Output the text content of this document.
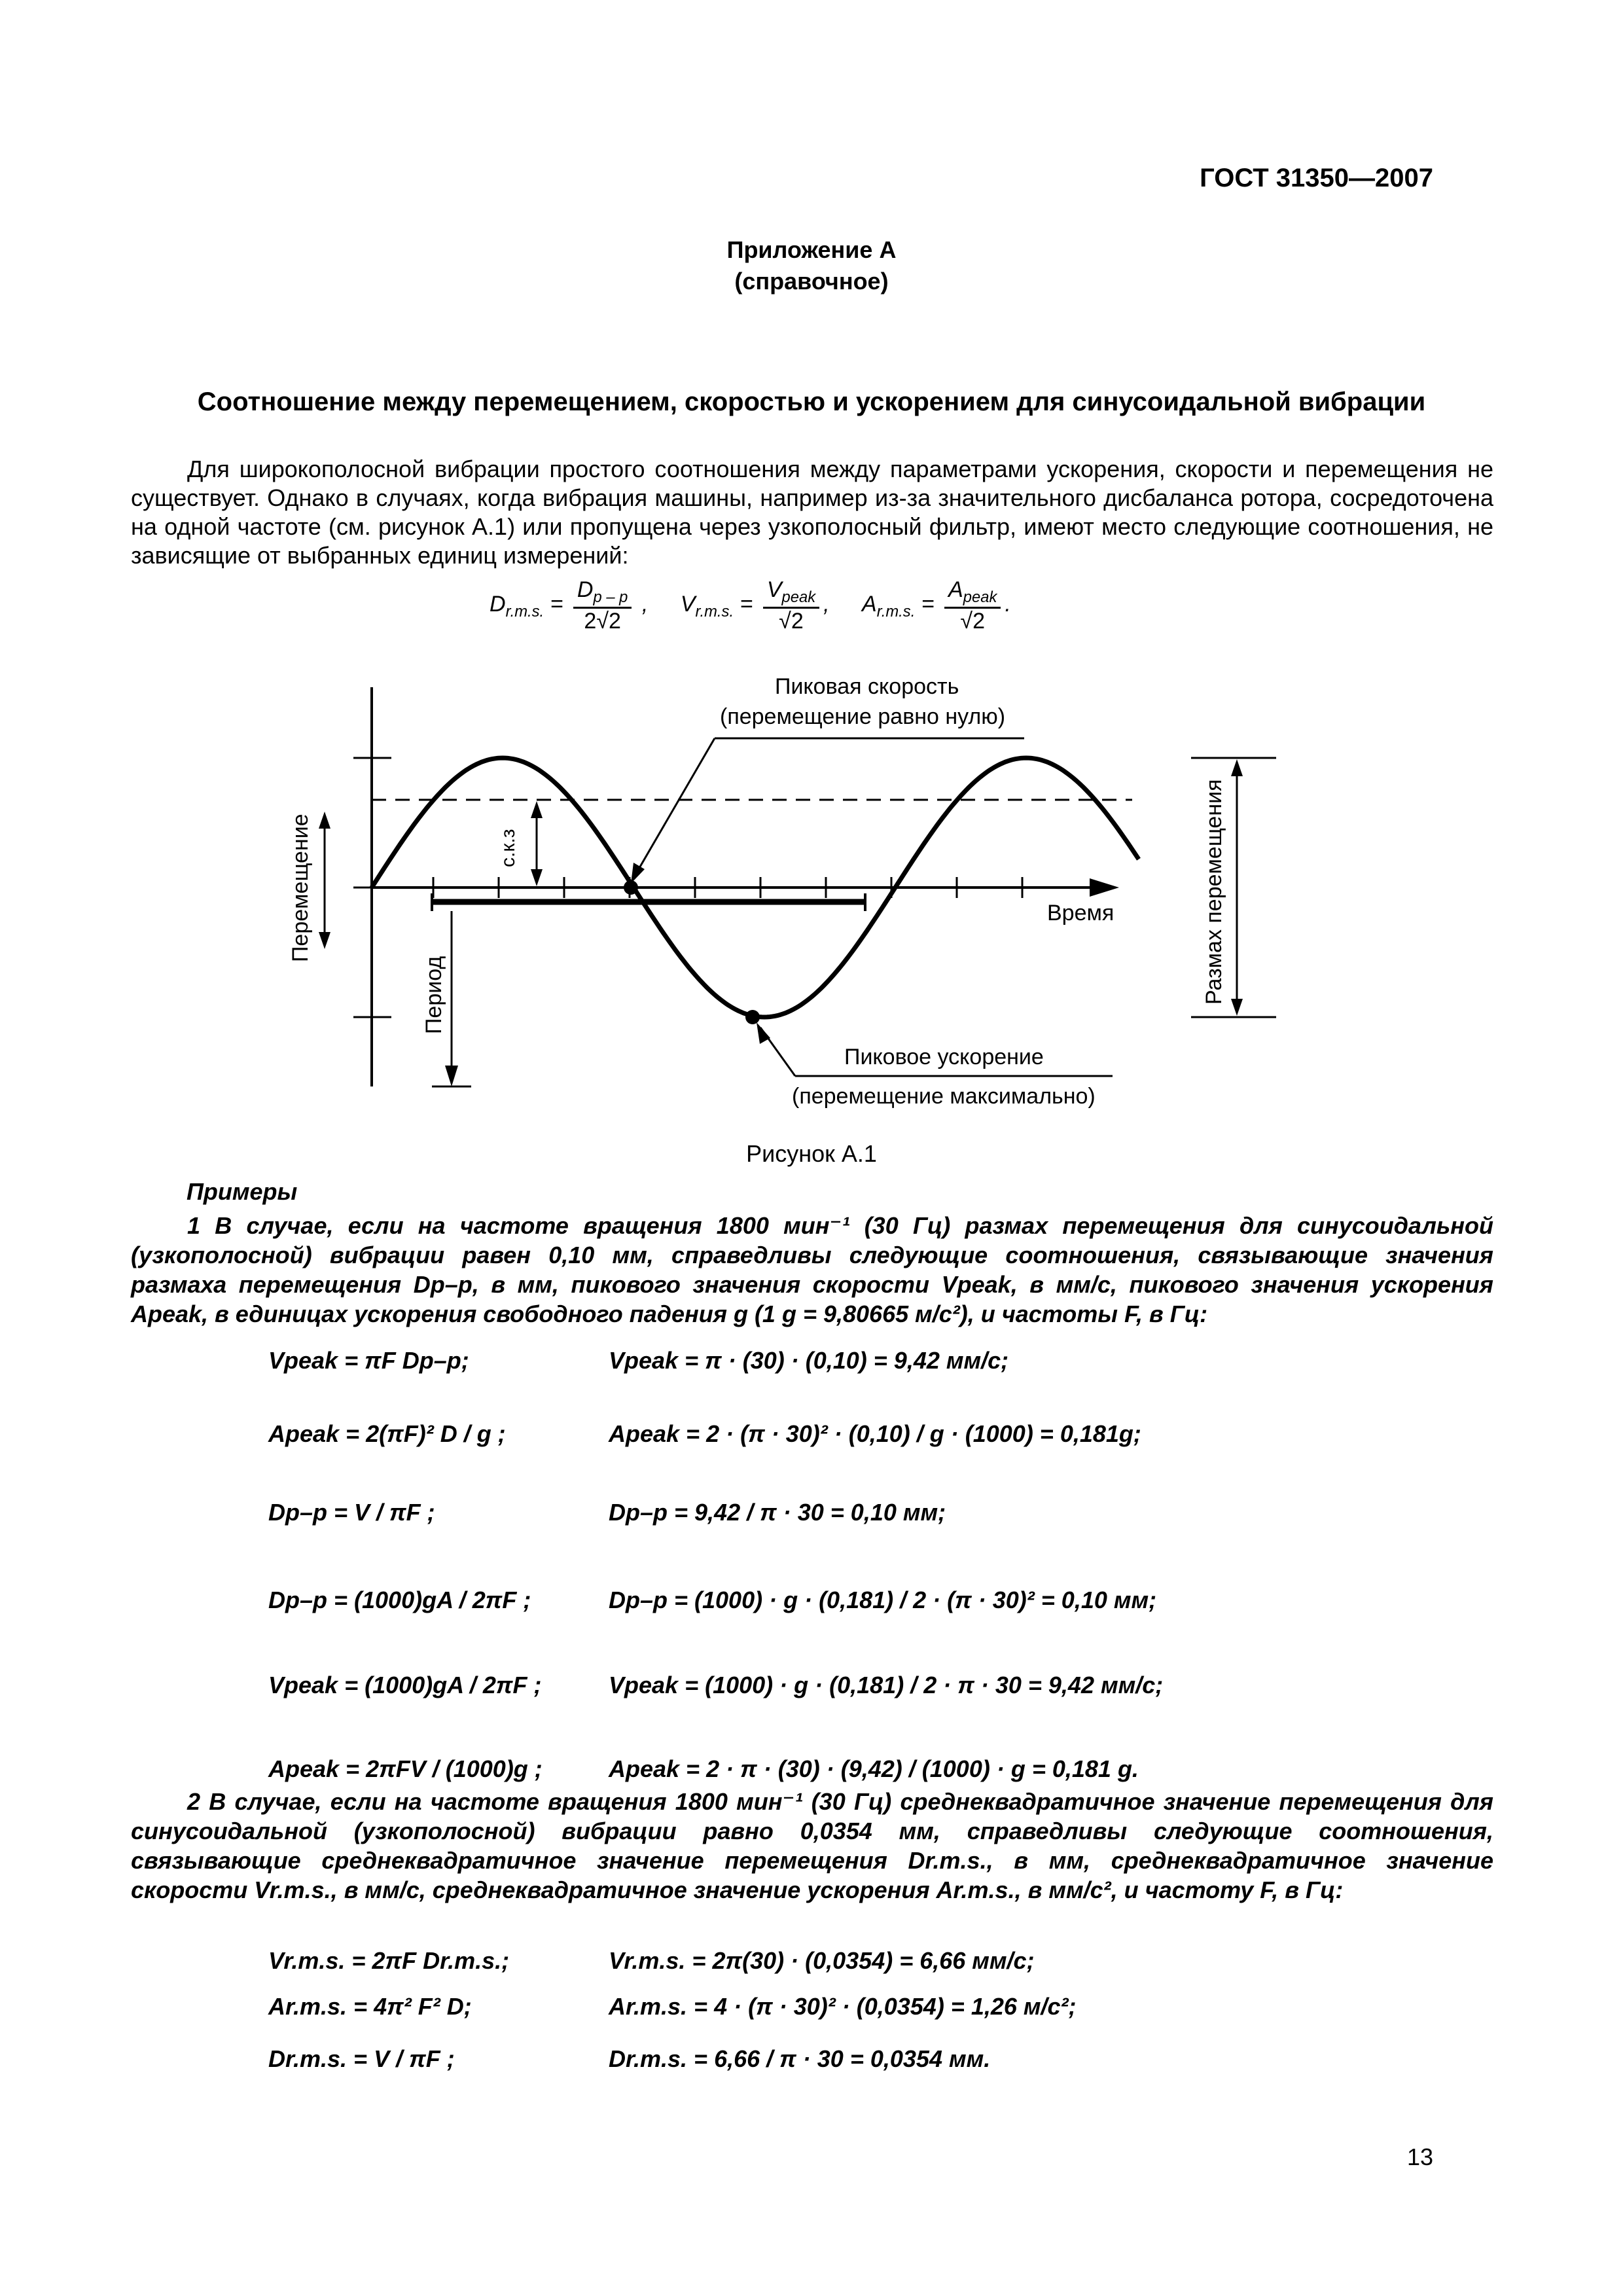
ГОСТ 31350—2007
Приложение А
(справочное)
Соотношение между перемещением, скоростью и ускорением для синусоидальной вибрации

Для широкополосной вибрации простого соотношения между параметрами ускорения, скорости и перемещения не существует. Однако в случаях, когда вибрация машины, например из-за значительного дисбаланса ротора, сосредоточена на одной частоте (см. рисунок А.1) или пропущена через узкополосный фильтр, имеют место следующие соотношения, не зависящие от выбранных единиц измерений:

$D_{r.m.s.} = \frac{D_{p - p}}{2√2}$ , $V_{r.m.s.} = \frac{V_{peak}}{√2}$ , $A_{r.m.s.} = \frac{A_{peak}}{√2}$ .
Пиковая скорость
(перемещение равно нулю)
Пиковое ускорение
(перемещение максимально)
Время
Перемещение
Период
с.к.з	Размах перемещения
Рисунок А.1
Примеры

1 В случае, если на частоте вращения 1800 мин⁻¹ (30 Гц) размах перемещения для синусоидальной (узкополосной) вибрации равен 0,10 мм, справедливы следующие соотношения, связывающие значения размаха перемещения Dp–p, в мм, пикового значения скорости Vpeak, в мм/с, пикового значения ускорения Apeak, в единицах ускорения свободного падения g (1 g = 9,80665 м/с²), и частоты F, в Гц:

Vpeak = πF Dp–p;	Vpeak = π · (30) · (0,10) = 9,42 мм/с;
Apeak = 2(πF)² D / g ;	Apeak = 2 · (π · 30)² · (0,10) / g · (1000) = 0,181g;
Dp–p = V / πF ;	Dp–p = 9,42 / π · 30 = 0,10 мм;
Dp–p = (1000)gA / 2πF ;	Dp–p = (1000) · g · (0,181) / 2 · (π · 30)² = 0,10 мм;
Vpeak = (1000)gA / 2πF ;	Vpeak = (1000) · g · (0,181) / 2 · π · 30 = 9,42 мм/с;
Apeak = 2πFV / (1000)g ;	Apeak = 2 · π · (30) · (9,42) / (1000) · g = 0,181 g.

2 В случае, если на частоте вращения 1800 мин⁻¹ (30 Гц) среднеквадратичное значение перемещения для синусоидальной (узкополосной) вибрации равно 0,0354 мм, справедливы следующие соотношения, связывающие среднеквадратичное значение перемещения Dr.m.s., в мм, среднеквадратичное значение скорости Vr.m.s., в мм/с, среднеквадратичное значение ускорения Ar.m.s., в мм/с², и частоту F, в Гц:

Vr.m.s. = 2πF Dr.m.s.;	Vr.m.s. = 2π(30) · (0,0354) = 6,66 мм/с;
Ar.m.s. = 4π² F² D;	Ar.m.s. = 4 · (π · 30)² · (0,0354) = 1,26 м/с²;
Dr.m.s. = V / πF ;	Dr.m.s. = 6,66 / π · 30 = 0,0354 мм.
13
